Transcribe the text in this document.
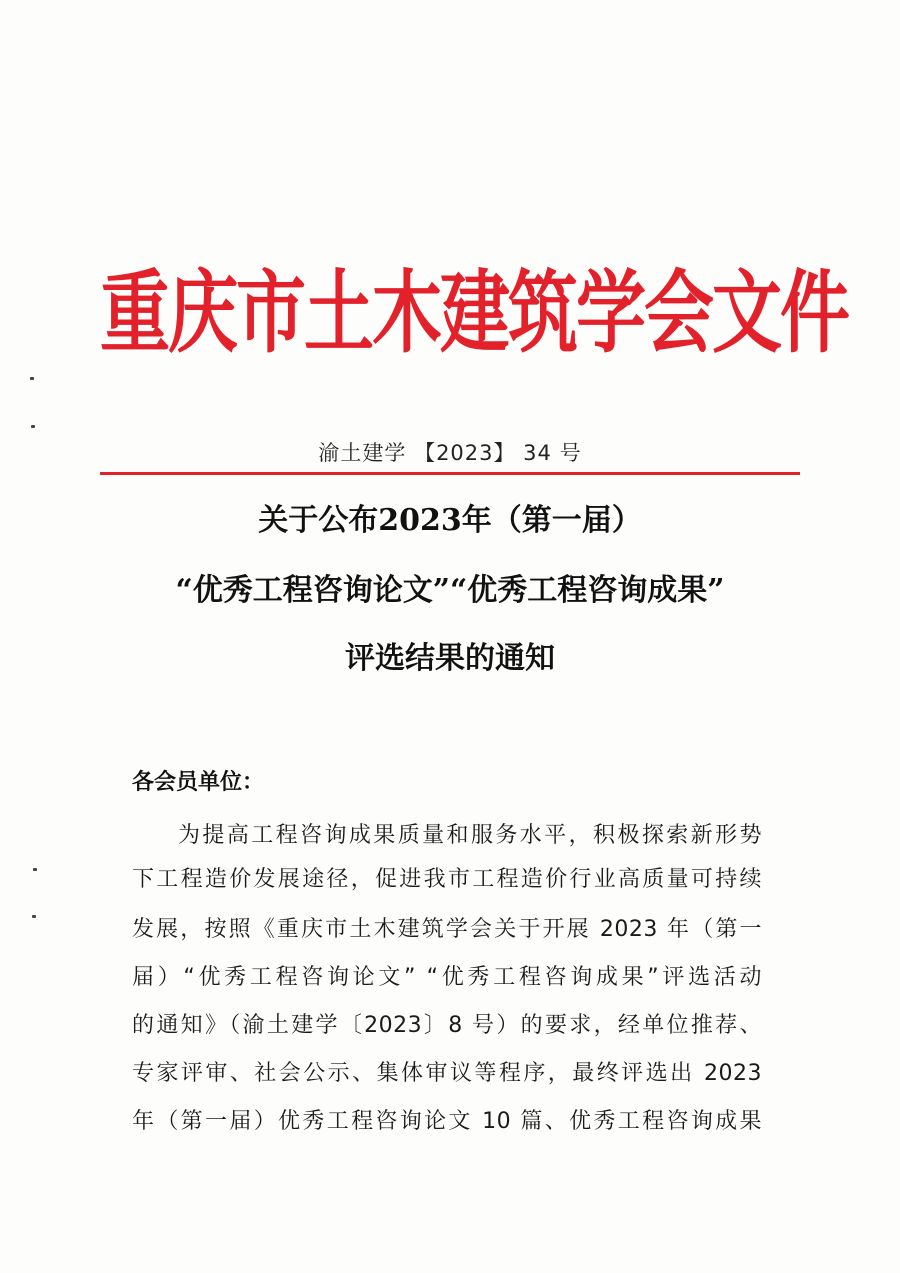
重庆市土木建筑学会文件
渝土建学 【2023】 34 号
关于公布2023年（第一届）
“优秀工程咨询论文”“优秀工程咨询成果”
评选结果的通知
各会员单位：
为提高工程咨询成果质量和服务水平，积极探索新形势
下工程造价发展途径，促进我市工程造价行业高质量可持续
发展，按照《重庆市土木建筑学会关于开展 2023 年（第一
届）“优秀工程咨询论文” “优秀工程咨询成果”评选活动
的通知》（渝土建学〔2023〕8 号）的要求，经单位推荐、
专家评审、社会公示、集体审议等程序，最终评选出 2023
年（第一届）优秀工程咨询论文 10 篇、优秀工程咨询成果
